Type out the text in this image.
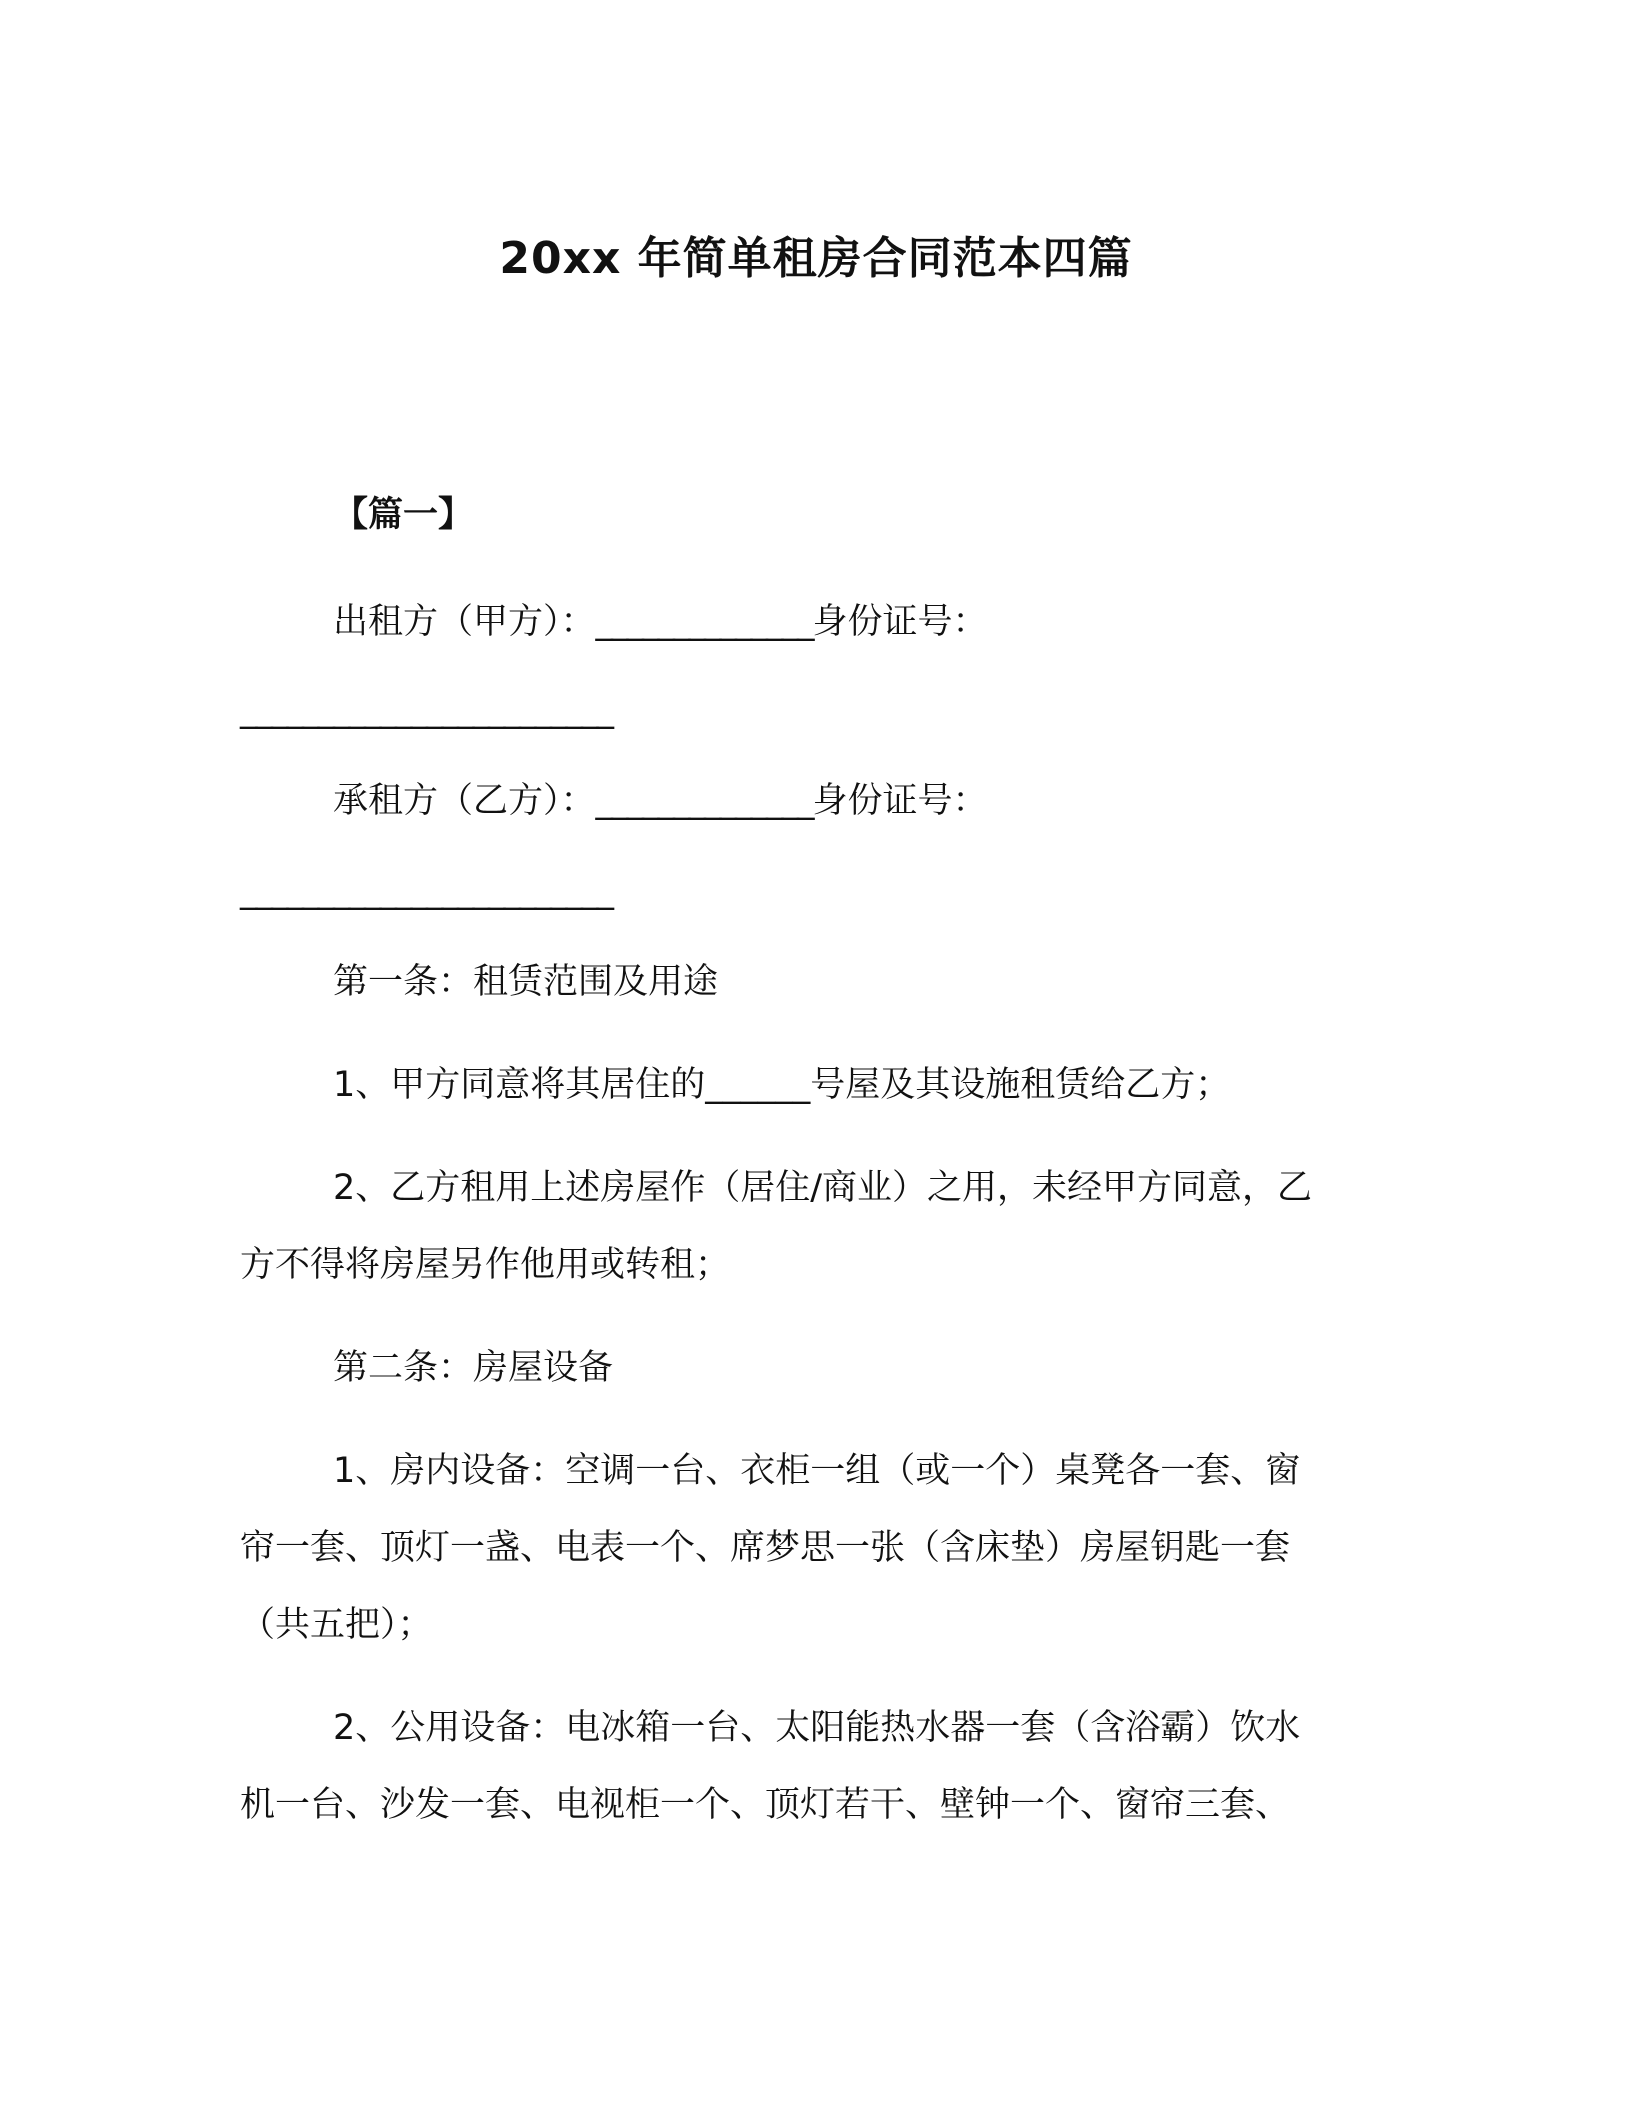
20xx 年简单租房合同范本四篇
【篇一】
出租方（甲方）：______________身份证号：
________________________
承租方（乙方）：______________身份证号：
________________________
第一条：租赁范围及用途
1、甲方同意将其居住的______号屋及其设施租赁给乙方；
2、乙方租用上述房屋作（居住/商业）之用，未经甲方同意，乙
方不得将房屋另作他用或转租；
第二条：房屋设备
1、房内设备：空调一台、衣柜一组（或一个）桌凳各一套、窗
帘一套、顶灯一盏、电表一个、席梦思一张（含床垫）房屋钥匙一套
（共五把）；
2、公用设备：电冰箱一台、太阳能热水器一套（含浴霸）饮水
机一台、沙发一套、电视柜一个、顶灯若干、壁钟一个、窗帘三套、
